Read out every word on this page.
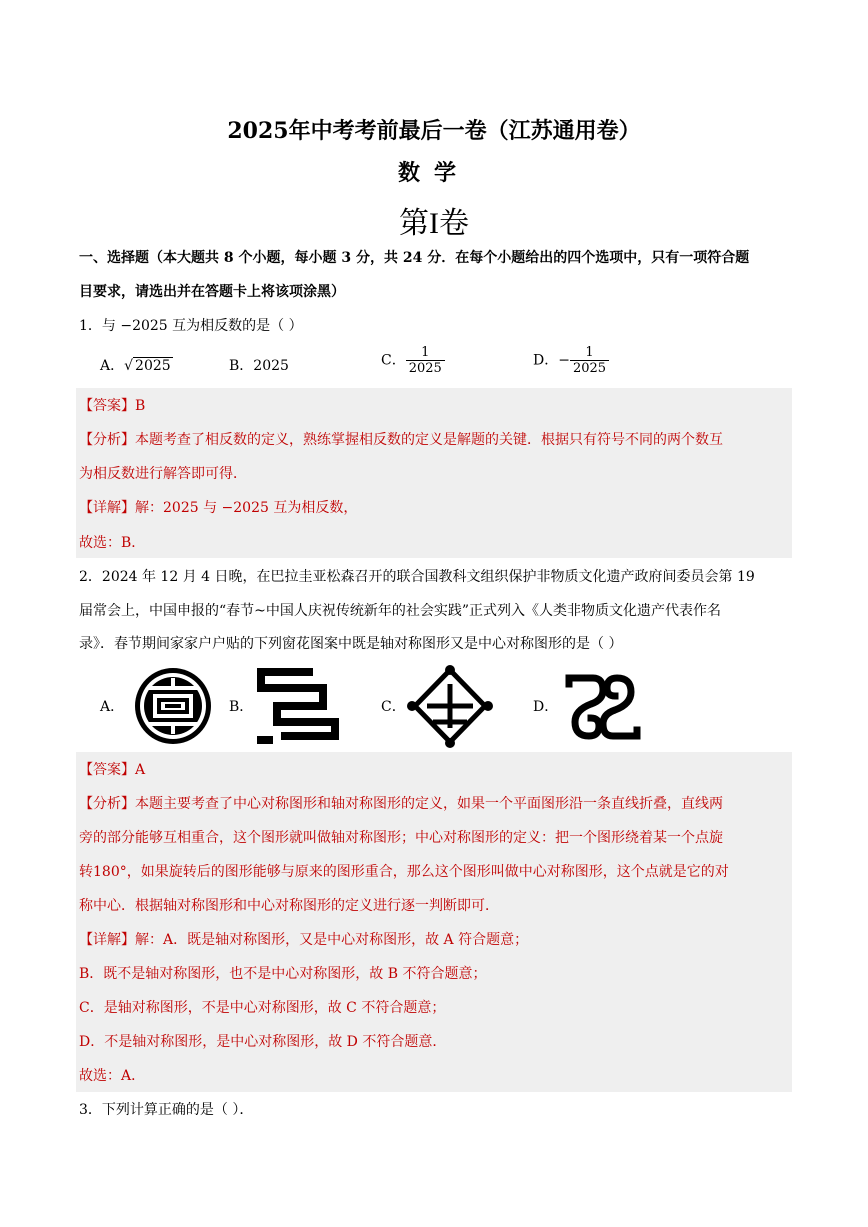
2025年中考考前最后一卷（江苏通用卷）
数学
第I卷
一、选择题（本大题共 8 个小题，每小题 3 分，共 24 分．在每个小题给出的四个选项中，只有一项符合题
目要求，请选出并在答题卡上将该项涂黑）
1．与 −2025 互为相反数的是（ ）
A．√ 2025	B．2025	C． $\frac{1}{2025}$	D．− $\frac{1}{2025}$
【答案】B
【分析】本题考查了相反数的定义，熟练掌握相反数的定义是解题的关键．根据只有符号不同的两个数互
为相反数进行解答即可得．
【详解】解：2025 与 −2025 互为相反数，
故选：B．
2．2024 年 12 月 4 日晚，在巴拉圭亚松森召开的联合国教科文组织保护非物质文化遗产政府间委员会第 19
届常会上，中国申报的“春节~中国人庆祝传统新年的社会实践”正式列入《人类非物质文化遗产代表作名
录》．春节期间家家户户贴的下列窗花图案中既是轴对称图形又是中心对称图形的是（ ）
A．	B．	C．	D．
【答案】A
【分析】本题主要考查了中心对称图形和轴对称图形的定义，如果一个平面图形沿一条直线折叠，直线两
旁的部分能够互相重合，这个图形就叫做轴对称图形；中心对称图形的定义：把一个图形绕着某一个点旋
转180°，如果旋转后的图形能够与原来的图形重合，那么这个图形叫做中心对称图形，这个点就是它的对
称中心．根据轴对称图形和中心对称图形的定义进行逐一判断即可．
【详解】解：A．既是轴对称图形，又是中心对称图形，故 A 符合题意；
B．既不是轴对称图形，也不是中心对称图形，故 B 不符合题意；
C．是轴对称图形，不是中心对称图形，故 C 不符合题意；
D．不是轴对称图形，是中心对称图形，故 D 不符合题意．
故选：A．
3．下列计算正确的是（ ）．
